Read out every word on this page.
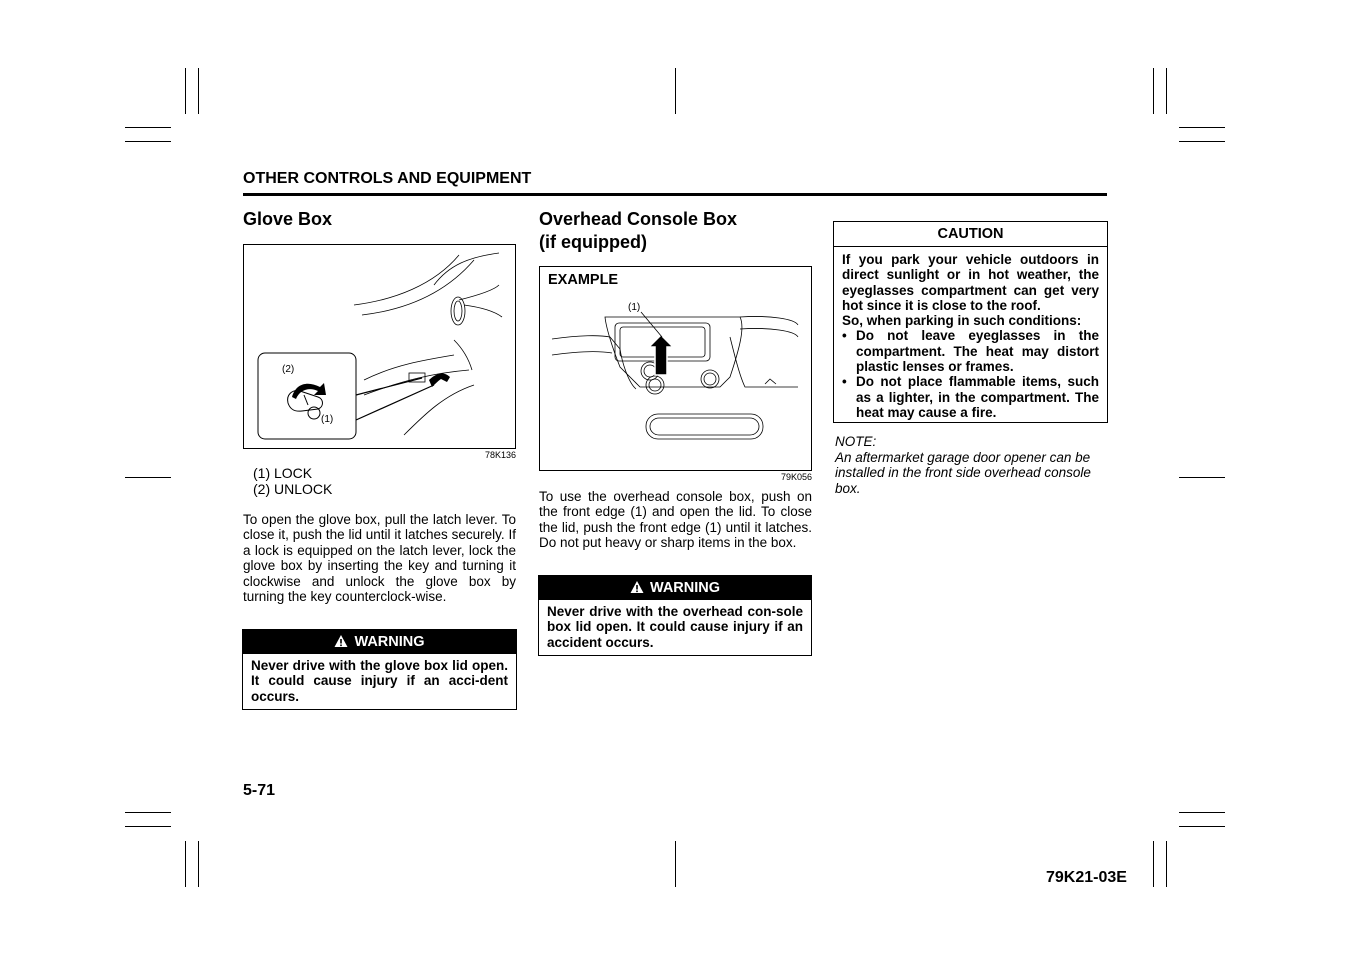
OTHER CONTROLS AND EQUIPMENT
Glove Box
(2)
(1)
78K136
(1) LOCK
(2) UNLOCK

To open the glove box, pull the latch lever. To close it, push the lid until it latches securely. If a lock is equipped on the latch lever, lock the glove box by inserting the key and turning it clockwise and unlock the glove box by turning the key counterclock-wise.

WARNING
Never drive with the glove box lid open. It could cause injury if an acci-dent occurs.
Overhead Console Box
(if equipped)
EXAMPLE
(1)
79K056

To use the overhead console box, push on the front edge (1) and open the lid. To close the lid, push the front edge (1) until it latches. Do not put heavy or sharp items in the box.

WARNING
Never drive with the overhead con-sole box lid open. It could cause injury if an accident occurs.
CAUTION
If you park your vehicle outdoors in direct sunlight or in hot weather, the eyeglasses compartment can get very hot since it is close to the roof.
So, when parking in such conditions:
• Do not leave eyeglasses in the compartment. The heat may distort plastic lenses or frames.
• Do not place flammable items, such as a lighter, in the compartment. The heat may cause a fire.
NOTE:
An aftermarket garage door opener can be installed in the front side overhead console box.
5-71
79K21-03E
